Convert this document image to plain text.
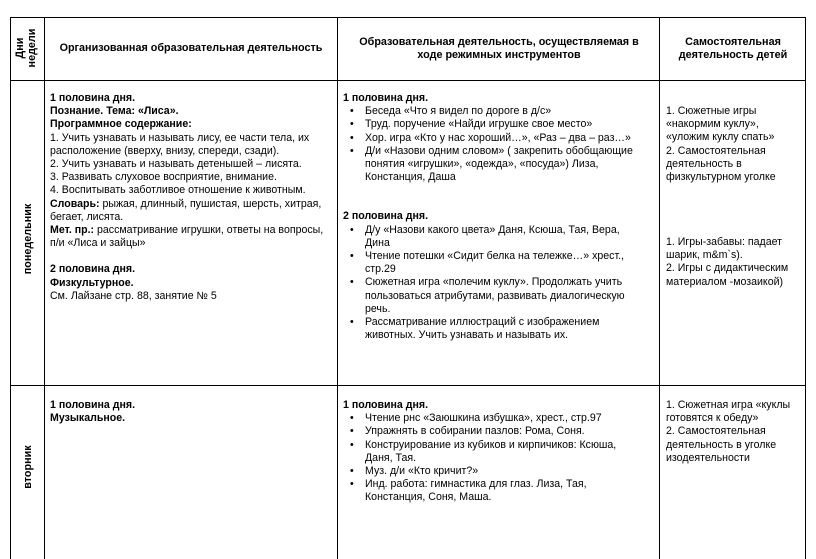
Дни недели	Организованная образовательная деятельность
Образовательная деятельность, осуществляемая в ходе режимных инструментов
Самостоятельная деятельность детей
понедельник
1 половина дня.
Познание. Тема: «Лиса».
Программное содержание:
1. Учить узнавать и называть лису, ее части тела, их расположение (вверху, внизу, спереди, сзади).
2. Учить узнавать и называть детенышей – лисята.
3. Развивать слуховое восприятие, внимание.
4. Воспитывать заботливое отношение к животным.
Словарь: рыжая, длинный, пушистая, шерсть, хитрая, бегает, лисята.
Мет. пр.: рассматривание игрушки, ответы на вопросы, п/и «Лиса и зайцы»
2 половина дня.
Физкультурное.
См. Лайзане стр. 88, занятие № 5
1 половина дня.
• Беседа «Что я видел по дороге в д/с»
• Труд. поручение «Найди игрушке свое место»
• Хор. игра «Кто у нас хороший…», «Раз – два – раз…»
• Д/и «Назови одним словом» ( закрепить обобщающие понятия «игрушки», «одежда», «посуда») Лиза, Констанция, Даша
2 половина дня.
• Д/у «Назови какого цвета» Даня, Ксюша, Тая, Вера, Дина
• Чтение потешки «Сидит белка на тележке…» хрест., стр.29
• Сюжетная игра «полечим куклу». Продолжать учить пользоваться атрибутами, развивать диалогическую речь.
• Рассматривание иллюстраций с изображением животных. Учить узнавать и называть их.
1. Сюжетные игры «накормим куклу», «уложим куклу спать»
2. Самостоятельная деятельность в физкультурном уголке
1. Игры-забавы: падает шарик, m&m`s).
2. Игры с дидактическим материалом -мозаикой)
вторник
1 половина дня.
Музыкальное.
1 половина дня.
• Чтение рнс «Заюшкина избушка», хрест., стр.97
• Упражнять в собирании пазлов: Рома, Соня.
• Конструирование из кубиков и кирпичиков: Ксюша, Даня, Тая.
• Муз. д/и «Кто кричит?»
• Инд. работа: гимнастика для глаз. Лиза, Тая, Констанция, Соня, Маша.
1. Сюжетная игра «куклы готовятся к обеду»
2. Самостоятельная деятельность в уголке изодеятельности
